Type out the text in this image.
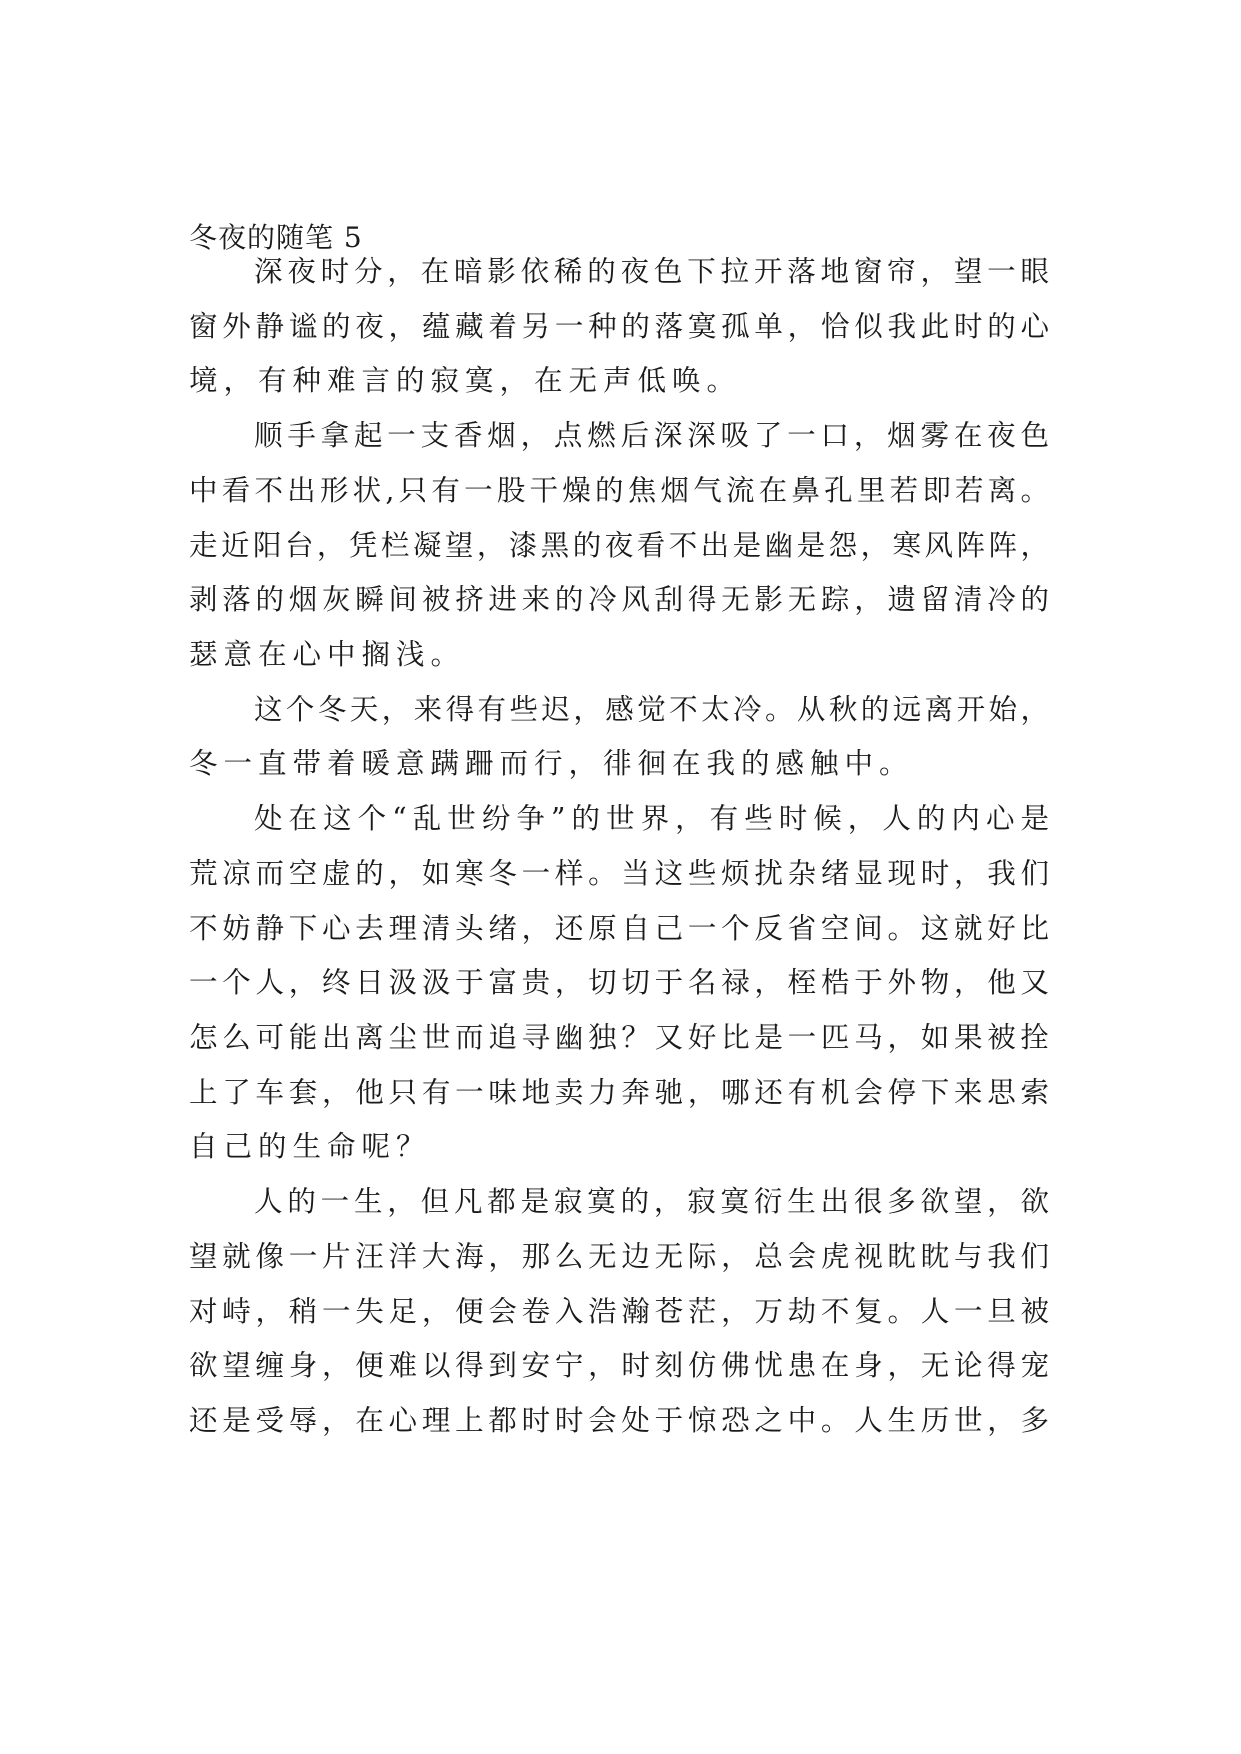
冬夜的随笔 5
深夜时分，在暗影依稀的夜色下拉开落地窗帘，望一眼
窗外静谧的夜，蕴藏着另一种的落寞孤单，恰似我此时的心
境，有种难言的寂寞，在无声低唤。
顺手拿起一支香烟，点燃后深深吸了一口，烟雾在夜色
中看不出形状,只有一股干燥的焦烟气流在鼻孔里若即若离。
走近阳台，凭栏凝望，漆黑的夜看不出是幽是怨，寒风阵阵，
剥落的烟灰瞬间被挤进来的冷风刮得无影无踪，遗留清冷的
瑟意在心中搁浅。
这个冬天，来得有些迟，感觉不太冷。从秋的远离开始，
冬一直带着暖意蹒跚而行，徘徊在我的感触中。
处在这个“乱世纷争”的世界，有些时候，人的内心是
荒凉而空虚的，如寒冬一样。当这些烦扰杂绪显现时，我们
不妨静下心去理清头绪，还原自己一个反省空间。这就好比
一个人，终日汲汲于富贵，切切于名禄，桎梏于外物，他又
怎么可能出离尘世而追寻幽独？又好比是一匹马，如果被拴
上了车套，他只有一味地卖力奔驰，哪还有机会停下来思索
自己的生命呢？
人的一生，但凡都是寂寞的，寂寞衍生出很多欲望，欲
望就像一片汪洋大海，那么无边无际，总会虎视眈眈与我们
对峙，稍一失足，便会卷入浩瀚苍茫，万劫不复。人一旦被
欲望缠身，便难以得到安宁，时刻仿佛忧患在身，无论得宠
还是受辱，在心理上都时时会处于惊恐之中。人生历世，多
